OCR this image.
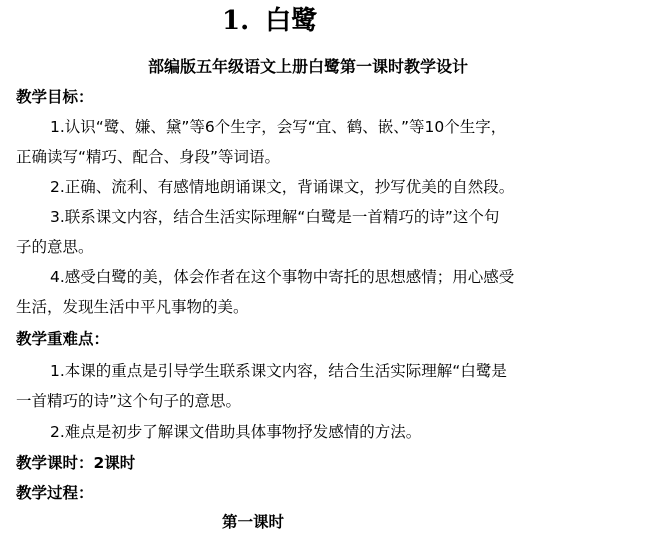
1. 白鹭
部编版五年级语文上册白鹭第一课时教学设计
教学目标：
1.认识“鹭、嫌、黛”等6个生字，会写“宜、鹤、嵌、”等10个生字，
正确读写“精巧、配合、身段”等词语。
2.正确、流利、有感情地朗诵课文，背诵课文，抄写优美的自然段。
3.联系课文内容，结合生活实际理解“白鹭是一首精巧的诗”这个句
子的意思。
4.感受白鹭的美，体会作者在这个事物中寄托的思想感情；用心感受
生活，发现生活中平凡事物的美。
教学重难点：
1.本课的重点是引导学生联系课文内容，结合生活实际理解“白鹭是
一首精巧的诗”这个句子的意思。
2.难点是初步了解课文借助具体事物抒发感情的方法。
教学课时：2课时
教学过程：
第一课时
